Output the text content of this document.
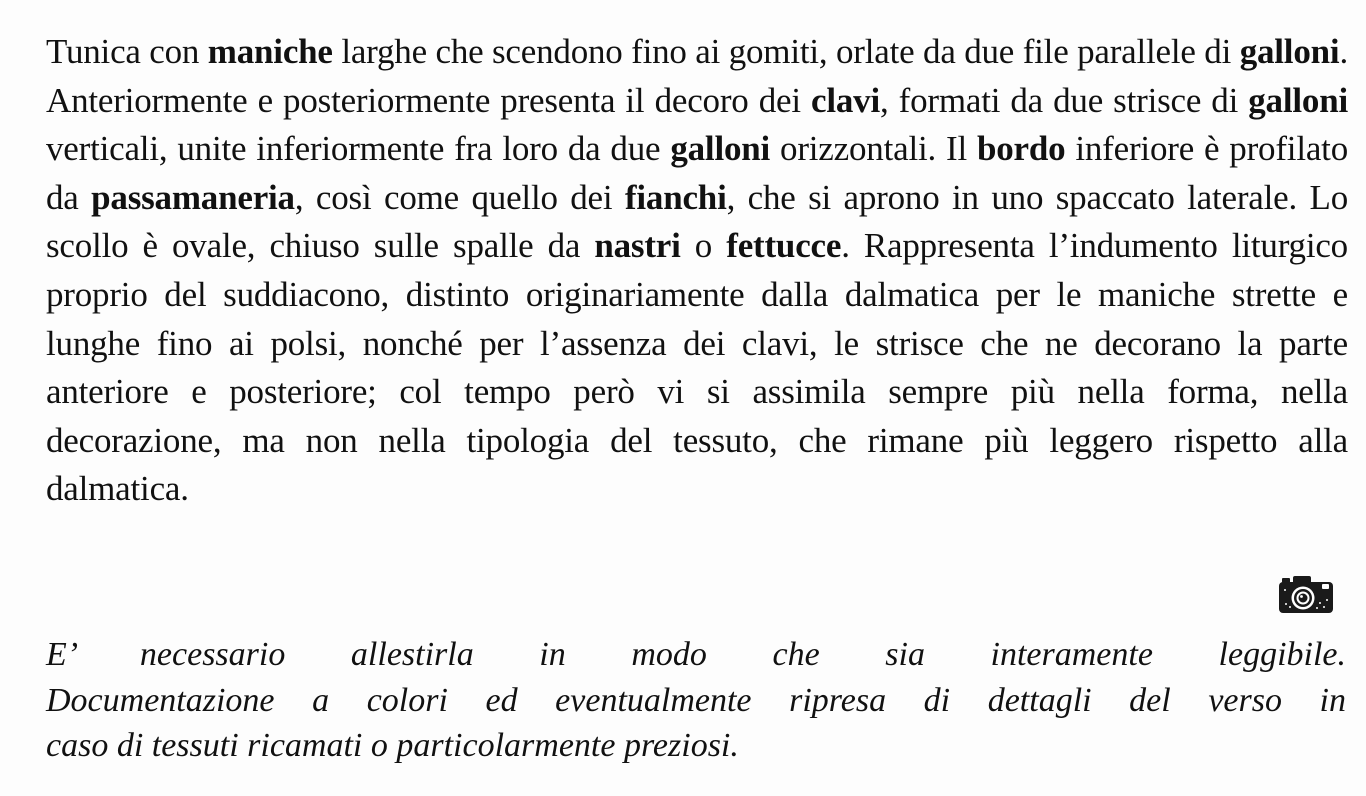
Tunica con maniche larghe che scendono fino ai gomiti, orlate da due file parallele di galloni. Anteriormente e posteriormente presenta il decoro dei clavi, formati da due strisce di galloni verticali, unite inferiormente fra loro da due galloni orizzontali. Il bordo inferiore è profilato da passamaneria, così come quello dei fianchi, che si aprono in uno spaccato laterale. Lo scollo è ovale, chiuso sulle spalle da nastri o fettucce. Rappresenta l’indumento liturgico proprio del suddiacono, distinto originariamente dalla dalmatica per le maniche strette e lunghe fino ai polsi, nonché per l’assenza dei clavi, le strisce che ne decorano la parte anteriore e posteriore; col tempo però vi si assimila sempre più nella forma, nella decorazione, ma non nella tipologia del tessuto, che rimane più leggero rispetto alla dalmatica.
E’ necessario allestirla in modo che sia interamente leggibile.
Documentazione a colori ed eventualmente ripresa di dettagli del verso in
caso di tessuti ricamati o particolarmente preziosi.
